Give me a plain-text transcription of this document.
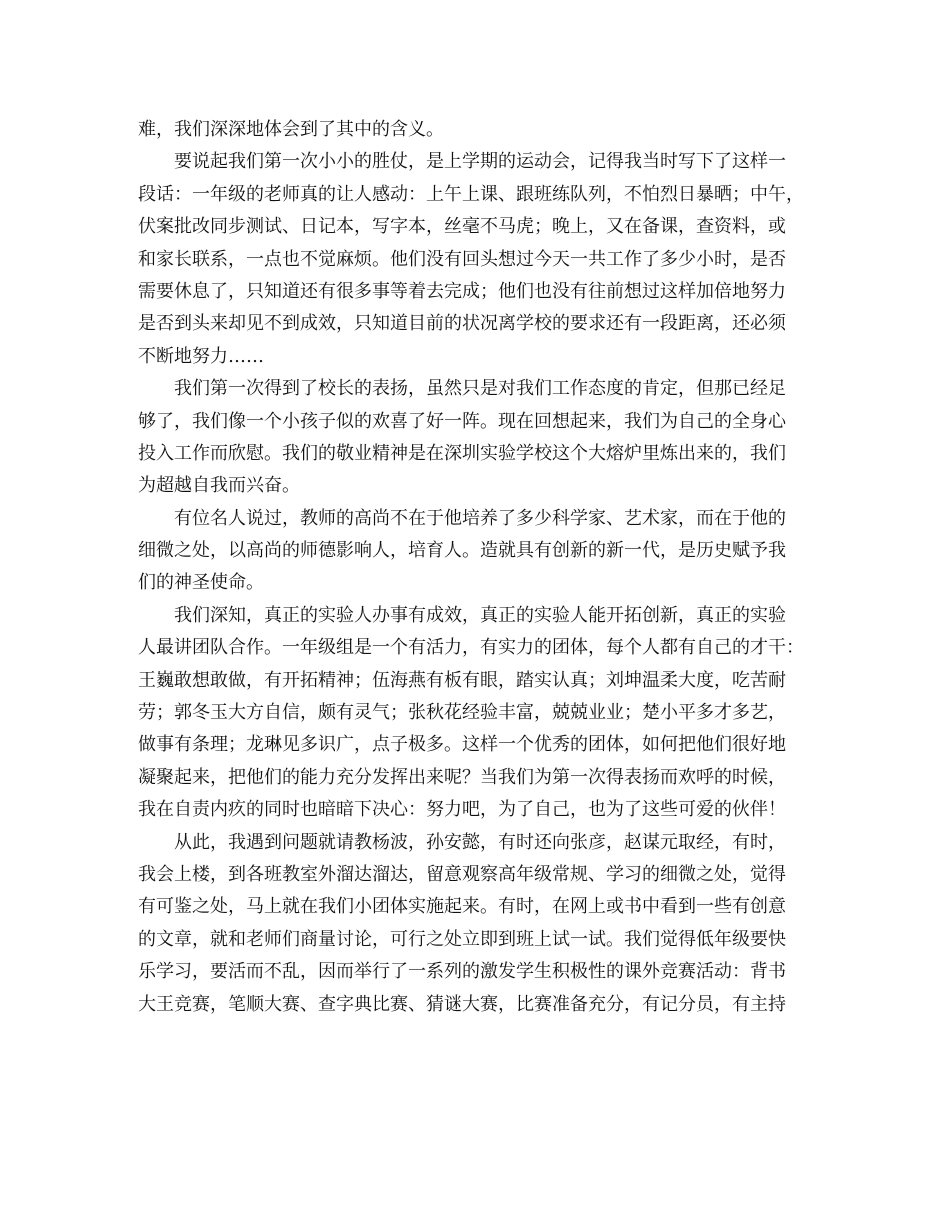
难，我们深深地体会到了其中的含义。
要说起我们第一次小小的胜仗，是上学期的运动会，记得我当时写下了这样一
段话：一年级的老师真的让人感动：上午上课、跟班练队列，不怕烈日暴晒；中午，
伏案批改同步测试、日记本，写字本，丝毫不马虎；晚上，又在备课，查资料，或
和家长联系，一点也不觉麻烦。他们没有回头想过今天一共工作了多少小时，是否
需要休息了，只知道还有很多事等着去完成；他们也没有往前想过这样加倍地努力
是否到头来却见不到成效，只知道目前的状况离学校的要求还有一段距离，还必须
不断地努力……
我们第一次得到了校长的表扬，虽然只是对我们工作态度的肯定，但那已经足
够了，我们像一个小孩子似的欢喜了好一阵。现在回想起来，我们为自己的全身心
投入工作而欣慰。我们的敬业精神是在深圳实验学校这个大熔炉里炼出来的，我们
为超越自我而兴奋。
有位名人说过，教师的高尚不在于他培养了多少科学家、艺术家，而在于他的
细微之处，以高尚的师德影响人，培育人。造就具有创新的新一代，是历史赋予我
们的神圣使命。
我们深知，真正的实验人办事有成效，真正的实验人能开拓创新，真正的实验
人最讲团队合作。一年级组是一个有活力，有实力的团体，每个人都有自己的才干：
王巍敢想敢做，有开拓精神；伍海燕有板有眼，踏实认真；刘坤温柔大度，吃苦耐
劳；郭冬玉大方自信，颇有灵气；张秋花经验丰富，兢兢业业；楚小平多才多艺，
做事有条理；龙琳见多识广，点子极多。这样一个优秀的团体，如何把他们很好地
凝聚起来，把他们的能力充分发挥出来呢？当我们为第一次得表扬而欢呼的时候，
我在自责内疚的同时也暗暗下决心：努力吧，为了自己，也为了这些可爱的伙伴！
从此，我遇到问题就请教杨波，孙安懿，有时还向张彦，赵谋元取经，有时，
我会上楼，到各班教室外溜达溜达，留意观察高年级常规、学习的细微之处，觉得
有可鉴之处，马上就在我们小团体实施起来。有时，在网上或书中看到一些有创意
的文章，就和老师们商量讨论，可行之处立即到班上试一试。我们觉得低年级要快
乐学习，要活而不乱，因而举行了一系列的激发学生积极性的课外竞赛活动：背书
大王竞赛，笔顺大赛、查字典比赛、猜谜大赛，比赛准备充分，有记分员，有主持
